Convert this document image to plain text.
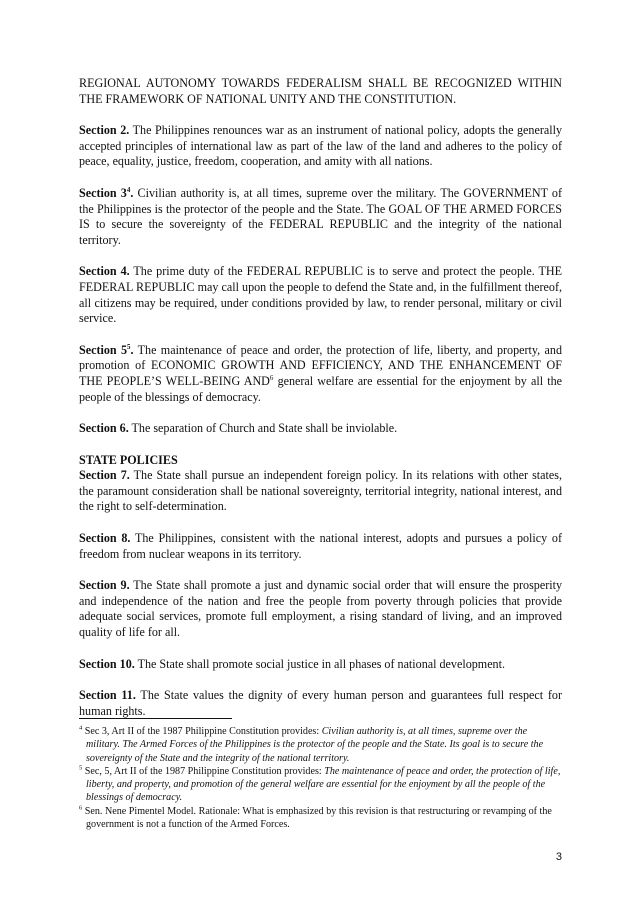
REGIONAL AUTONOMY TOWARDS FEDERALISM SHALL BE RECOGNIZED WITHIN THE FRAMEWORK OF NATIONAL UNITY AND THE CONSTITUTION.

Section 2. The Philippines renounces war as an instrument of national policy, adopts the generally accepted principles of international law as part of the law of the land and adheres to the policy of peace, equality, justice, freedom, cooperation, and amity with all nations.

Section $3^4$. Civilian authority is, at all times, supreme over the military. The GOVERNMENT of the Philippines is the protector of the people and the State. The GOAL OF THE ARMED FORCES IS to secure the sovereignty of the FEDERAL REPUBLIC and the integrity of the national territory.

Section 4. The prime duty of the FEDERAL REPUBLIC is to serve and protect the people. THE FEDERAL REPUBLIC may call upon the people to defend the State and, in the fulfillment thereof, all citizens may be required, under conditions provided by law, to render personal, military or civil service.

Section $5^5$. The maintenance of peace and order, the protection of life, liberty, and property, and promotion of ECONOMIC GROWTH AND EFFICIENCY, AND THE ENHANCEMENT OF THE PEOPLE’S WELL-BEING AND$^6$ general welfare are essential for the enjoyment by all the people of the blessings of democracy.

Section 6. The separation of Church and State shall be inviolable.

STATE POLICIES

Section 7. The State shall pursue an independent foreign policy. In its relations with other states, the paramount consideration shall be national sovereignty, territorial integrity, national interest, and the right to self-determination.

Section 8. The Philippines, consistent with the national interest, adopts and pursues a policy of freedom from nuclear weapons in its territory.

Section 9. The State shall promote a just and dynamic social order that will ensure the prosperity and independence of the nation and free the people from poverty through policies that provide adequate social services, promote full employment, a rising standard of living, and an improved quality of life for all.

Section 10. The State shall promote social justice in all phases of national development.

Section 11. The State values the dignity of every human person and guarantees full respect for human rights.

$^4$ Sec 3, Art II of the 1987 Philippine Constitution provides: Civilian authority is, at all times, supreme over the military. The Armed Forces of the Philippines is the protector of the people and the State. Its goal is to secure the sovereignty of the State and the integrity of the national territory.

$^5$ Sec, 5, Art II of the 1987 Philippine Constitution provides: The maintenance of peace and order, the protection of life, liberty, and property, and promotion of the general welfare are essential for the enjoyment by all the people of the blessings of democracy.

$^6$ Sen. Nene Pimentel Model. Rationale: What is emphasized by this revision is that restructuring or revamping of the government is not a function of the Armed Forces.

3
